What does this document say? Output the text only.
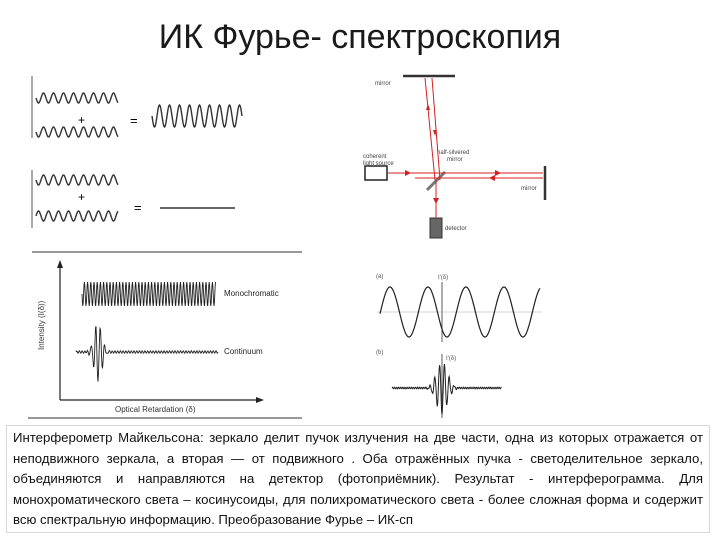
ИК Фурье- спектроскопия
+	=
+
=
mirror
mirror
coherent
light source
half-silvered
mirror
detector
Intensity (I(δ))
Optical Retardation (δ)
Monochromatic
Continuum
(a)	I'(δ)
(b)
I'(δ)
Интерферометр Майкельсона: зеркало делит пучок излучения на две части, одна из которых отражается от неподвижного зеркала, а вторая — от подвижного . Оба отражённых пучка - светоделительное зеркало, объединяются и направляются на детектор (фотоприёмник). Результат - интерферограмма. Для монохроматического света – косинусоиды, для полихроматического света - более сложная форма и содержит всю спектральную информацию. Преобразование Фурье – ИК-сп
